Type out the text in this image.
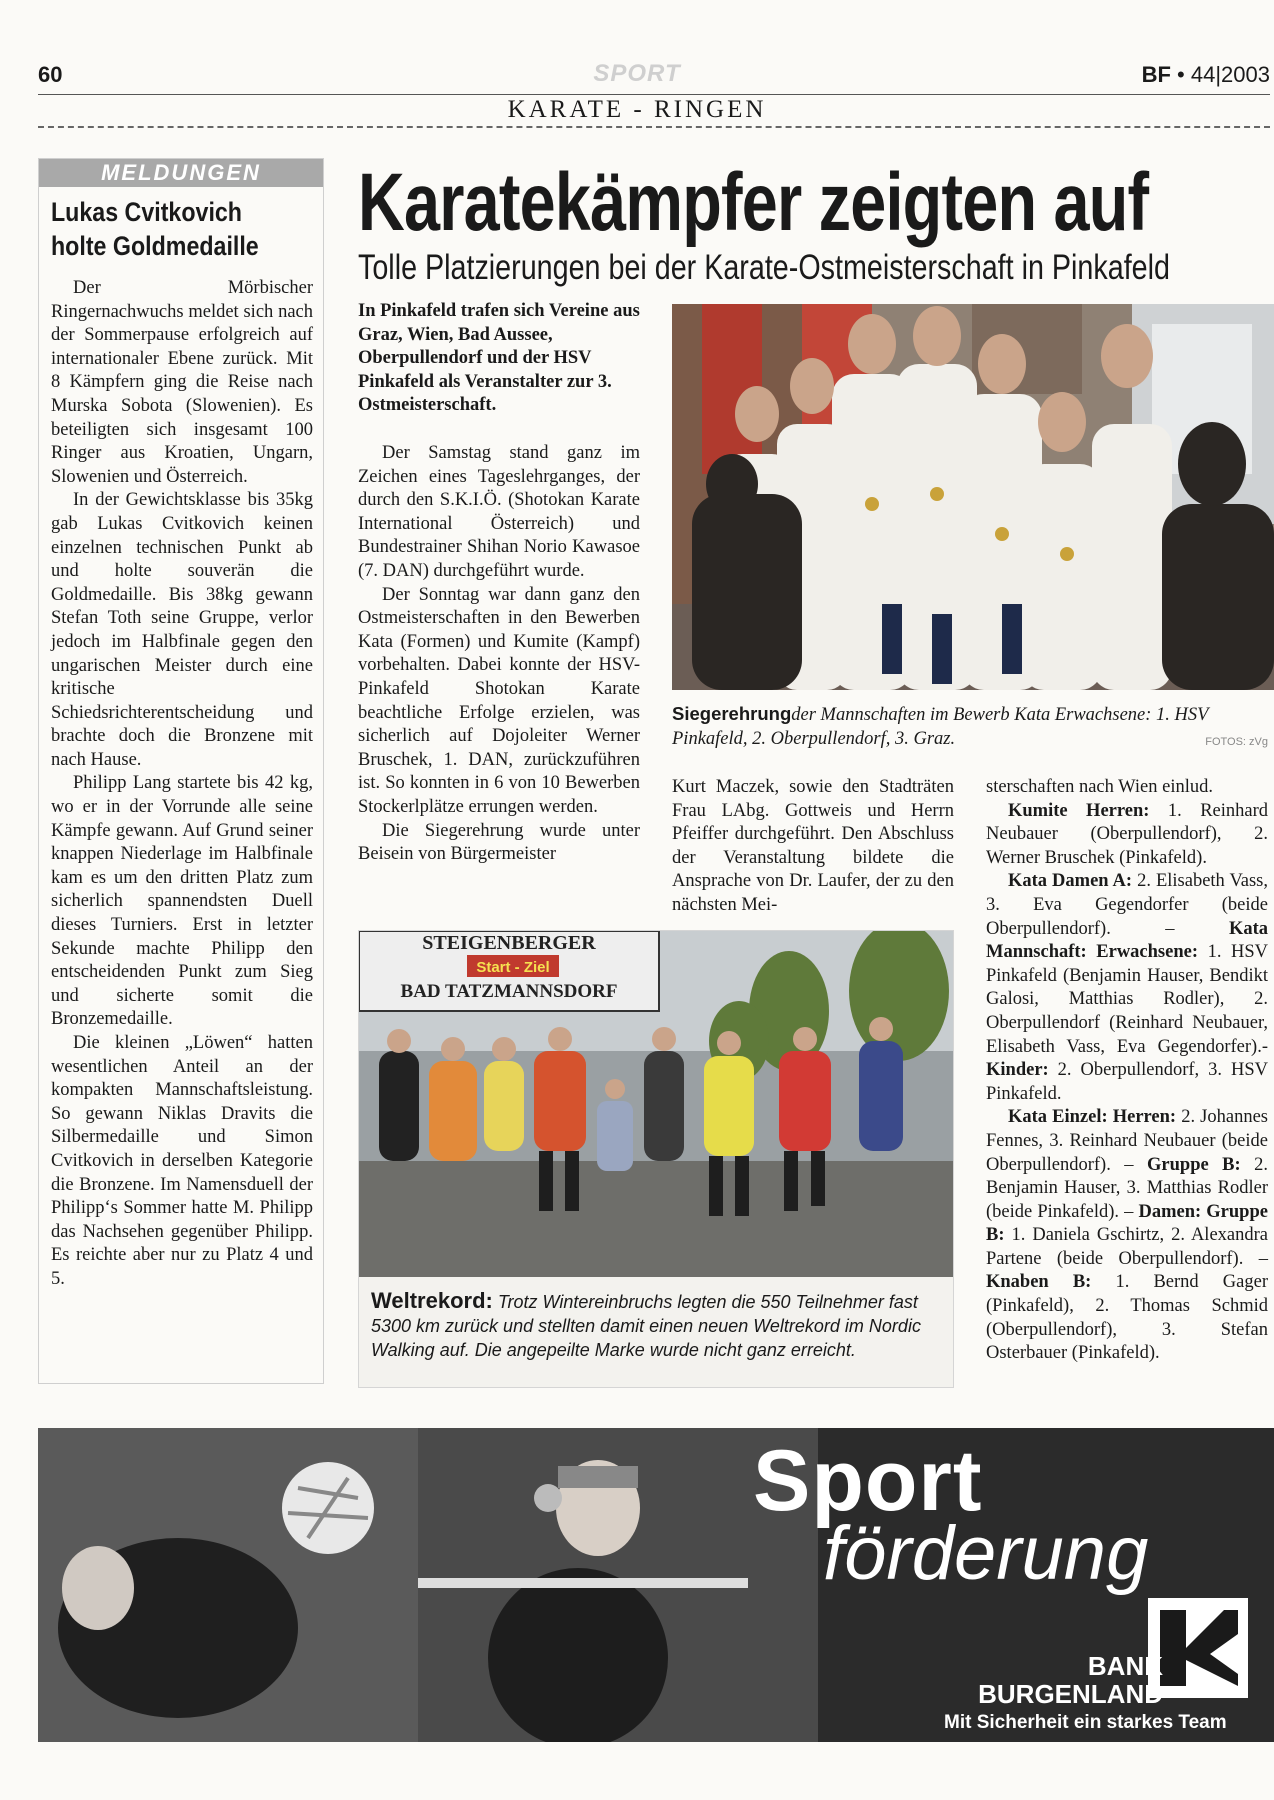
60	SPORT	BF • 44|2003
KARATE - RINGEN
MELDUNGEN
Lukas Cvitkovich
holte Goldmedaille

Der Mörbischer Ringernachwuchs meldet sich nach der Sommerpause erfolgreich auf internationaler Ebene zurück. Mit 8 Kämpfern ging die Reise nach Murska Sobota (Slowenien). Es beteiligten sich insgesamt 100 Ringer aus Kroatien, Ungarn, Slowenien und Österreich.

In der Gewichtsklasse bis 35kg gab Lukas Cvitkovich keinen einzelnen technischen Punkt ab und holte souverän die Goldmedaille. Bis 38kg gewann Stefan Toth seine Gruppe, verlor jedoch im Halbfinale gegen den ungarischen Meister durch eine kritische Schiedsrichterentscheidung und brachte doch die Bronzene mit nach Hause.

Philipp Lang startete bis 42 kg, wo er in der Vorrunde alle seine Kämpfe gewann. Auf Grund seiner knappen Niederlage im Halbfinale kam es um den dritten Platz zum sicherlich spannendsten Duell dieses Turniers. Erst in letzter Sekunde machte Philipp den entscheidenden Punkt zum Sieg und sicherte somit die Bronzemedaille.

Die kleinen „Löwen“ hatten wesentlichen Anteil an der kompakten Mannschaftsleistung. So gewann Niklas Dravits die Silbermedaille und Simon Cvitkovich in derselben Kategorie die Bronzene. Im Namensduell der Philipp‘s Sommer hatte M. Philipp das Nachsehen gegenüber Philipp. Es reichte aber nur zu Platz 4 und 5.

Karatekämpfer zeigten auf
Tolle Platzierungen bei der Karate-Ostmeisterschaft in Pinkafeld
In Pinkafeld trafen sich Vereine aus Graz, Wien, Bad Aussee, Oberpullendorf und der HSV Pinkafeld als Veranstalter zur 3. Ostmeisterschaft.

Der Samstag stand ganz im Zeichen eines Tageslehrganges, der durch den S.K.I.Ö. (Shotokan Karate International Österreich) und Bundestrainer Shihan Norio Kawasoe (7. DAN) durchgeführt wurde.

Der Sonntag war dann ganz den Ostmeisterschaften in den Bewerben Kata (Formen) und Kumite (Kampf) vorbehalten. Dabei konnte der HSV-Pinkafeld Shotokan Karate beachtliche Erfolge erzielen, was sicherlich auf Dojoleiter Werner Bruschek, 1. DAN, zurückzuführen ist. So konnten in 6 von 10 Bewerben Stockerlplätze errungen werden.

Die Siegerehrung wurde unter Beisein von Bürgermeister

Siegerehrungder Mannschaften im Bewerb Kata Erwachsene: 1. HSV Pinkafeld, 2. Oberpullendorf, 3. Graz.	FOTOS: zVg

Kurt Maczek, sowie den Stadträten Frau LAbg. Gottweis und Herrn Pfeiffer durchgeführt. Den Abschluss der Veranstaltung bildete die Ansprache von Dr. Laufer, der zu den nächsten Mei-

sterschaften nach Wien einlud.

Kumite Herren: 1. Reinhard Neubauer (Oberpullendorf), 2. Werner Bruschek (Pinkafeld).

Kata Damen A: 2. Elisabeth Vass, 3. Eva Gegendorfer (beide Oberpullendorf). – Kata Mannschaft: Erwachsene: 1. HSV Pinkafeld (Benjamin Hauser, Bendikt Galosi, Matthias Rodler), 2. Oberpullendorf (Reinhard Neubauer, Elisabeth Vass, Eva Gegendorfer).- Kinder: 2. Oberpullendorf, 3. HSV Pinkafeld.

Kata Einzel: Herren: 2. Johannes Fennes, 3. Reinhard Neubauer (beide Oberpullendorf). – Gruppe B: 2. Benjamin Hauser, 3. Matthias Rodler (beide Pinkafeld). – Damen: Gruppe B: 1. Daniela Gschirtz, 2. Alexandra Partene (beide Oberpullendorf). – Knaben B: 1. Bernd Gager (Pinkafeld), 2. Thomas Schmid (Oberpullendorf), 3. Stefan Osterbauer (Pinkafeld).

STEIGENBERGER
Start - Ziel
BAD TATZMANNSDORF
Weltrekord: Trotz Wintereinbruchs legten die 550 Teilnehmer fast 5300 km zurück und stellten damit einen neuen Weltrekord im Nordic Walking auf. Die angepeilte Marke wurde nicht ganz erreicht.
Sport
förderung
BANK
BURGENLAND
Mit Sicherheit ein starkes Team
